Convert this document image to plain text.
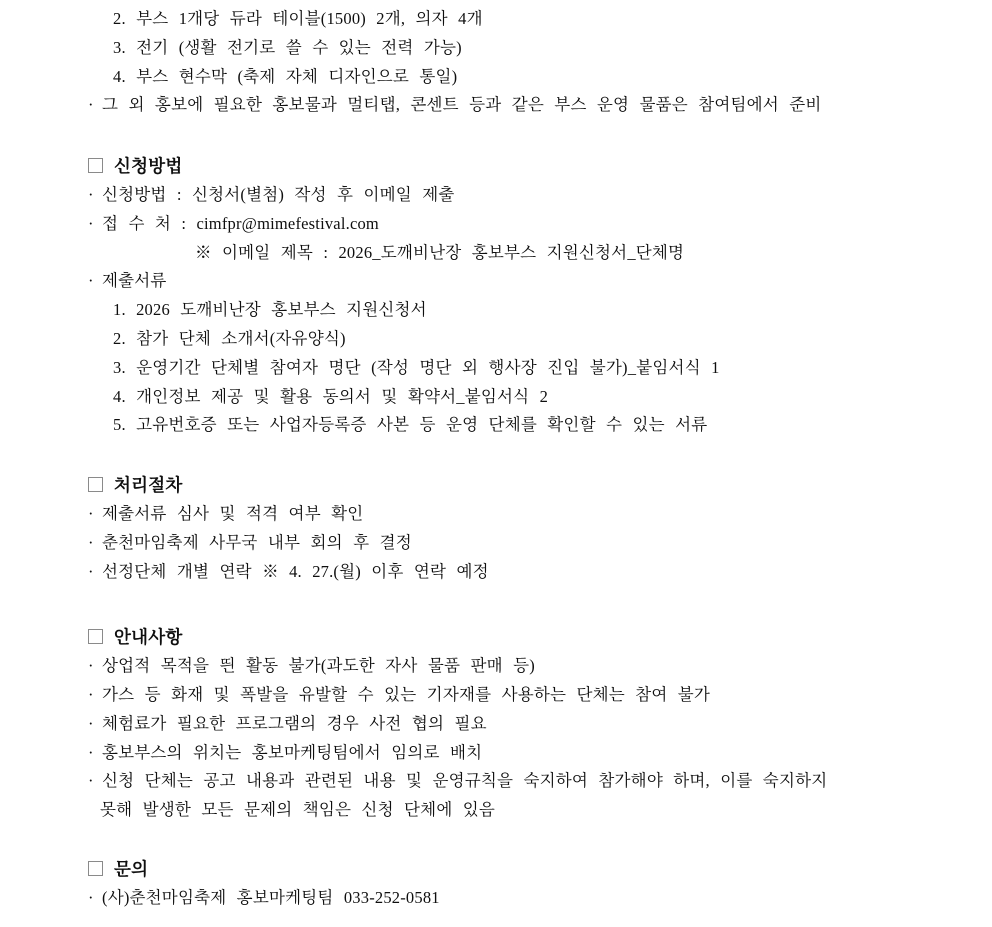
2. 부스 1개당 듀라 테이블(1500) 2개, 의자 4개
3. 전기 (생활 전기로 쓸 수 있는 전력 가능)
4. 부스 현수막 (축제 자체 디자인으로 통일)
· 그 외 홍보에 필요한 홍보물과 멀티탭, 콘센트 등과 같은 부스 운영 물품은 참여팀에서 준비
신청방법
· 신청방법 : 신청서(별첨) 작성 후 이메일 제출
· 접 수 처 : cimfpr@mimefestival.com
※ 이메일 제목 : 2026_도깨비난장 홍보부스 지원신청서_단체명
· 제출서류
1. 2026 도깨비난장 홍보부스 지원신청서
2. 참가 단체 소개서(자유양식)
3. 운영기간 단체별 참여자 명단 (작성 명단 외 행사장 진입 불가)_붙임서식 1
4. 개인정보 제공 및 활용 동의서 및 확약서_붙임서식 2
5. 고유번호증 또는 사업자등록증 사본 등 운영 단체를 확인할 수 있는 서류
처리절차
· 제출서류 심사 및 적격 여부 확인
· 춘천마임축제 사무국 내부 회의 후 결정
· 선정단체 개별 연락 ※ 4. 27.(월) 이후 연락 예정
안내사항
· 상업적 목적을 띈 활동 불가(과도한 자사 물품 판매 등)
· 가스 등 화재 및 폭발을 유발할 수 있는 기자재를 사용하는 단체는 참여 불가
· 체험료가 필요한 프로그램의 경우 사전 협의 필요
· 홍보부스의 위치는 홍보마케팅팀에서 임의로 배치
· 신청 단체는 공고 내용과 관련된 내용 및 운영규칙을 숙지하여 참가해야 하며, 이를 숙지하지
못해 발생한 모든 문제의 책임은 신청 단체에 있음
문의
· (사)춘천마임축제 홍보마케팅팀 033-252-0581
